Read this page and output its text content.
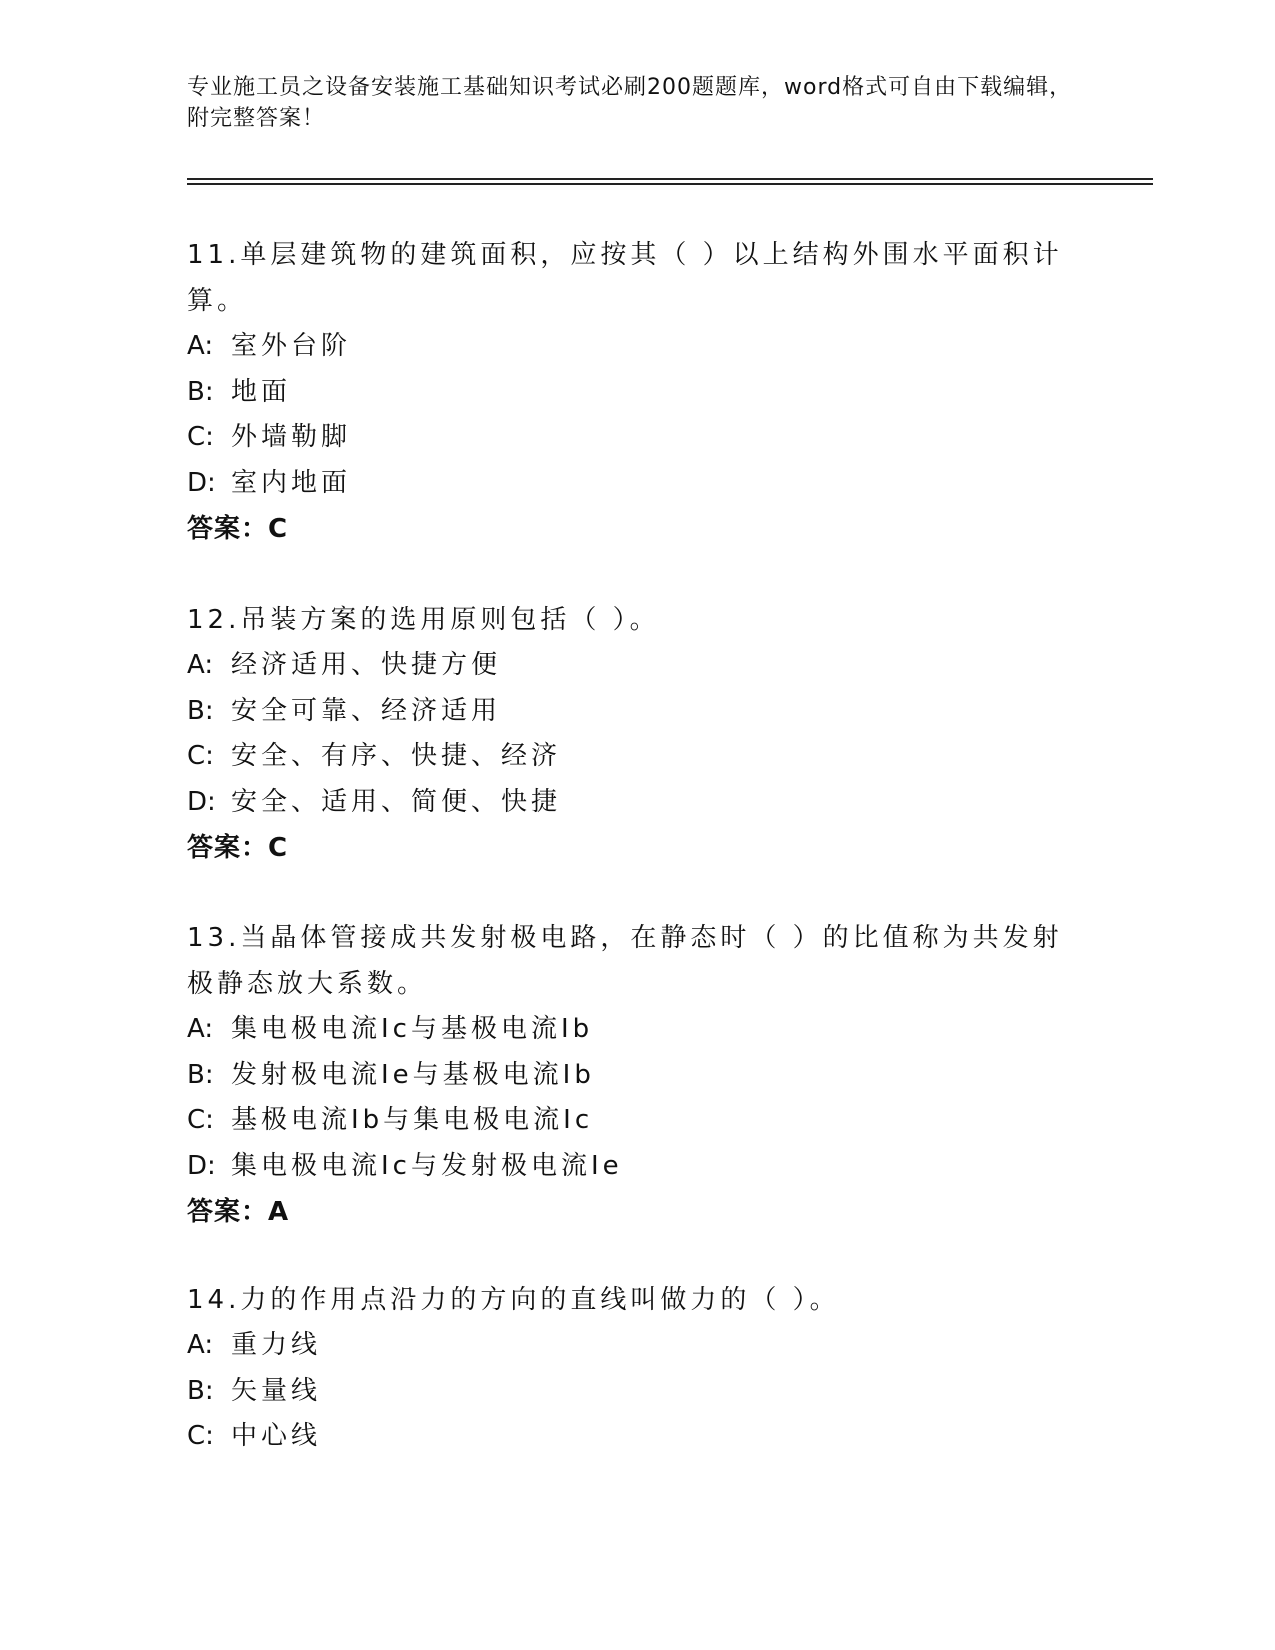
专业施工员之设备安装施工基础知识考试必刷200题题库，word格式可自由下载编辑，附完整答案！

11.单层建筑物的建筑面积，应按其（ ）以上结构外围水平面积计算。

A: 室外台阶

B: 地面

C: 外墙勒脚

D: 室内地面

答案：C

12.吊装方案的选用原则包括（ ）。

A: 经济适用、快捷方便

B: 安全可靠、经济适用

C: 安全、有序、快捷、经济

D: 安全、适用、简便、快捷

答案：C

13.当晶体管接成共发射极电路，在静态时（ ）的比值称为共发射极静态放大系数。

A: 集电极电流Ic与基极电流Ib

B: 发射极电流Ie与基极电流Ib

C: 基极电流Ib与集电极电流Ic

D: 集电极电流Ic与发射极电流Ie

答案：A

14.力的作用点沿力的方向的直线叫做力的（ ）。

A: 重力线

B: 矢量线

C: 中心线
